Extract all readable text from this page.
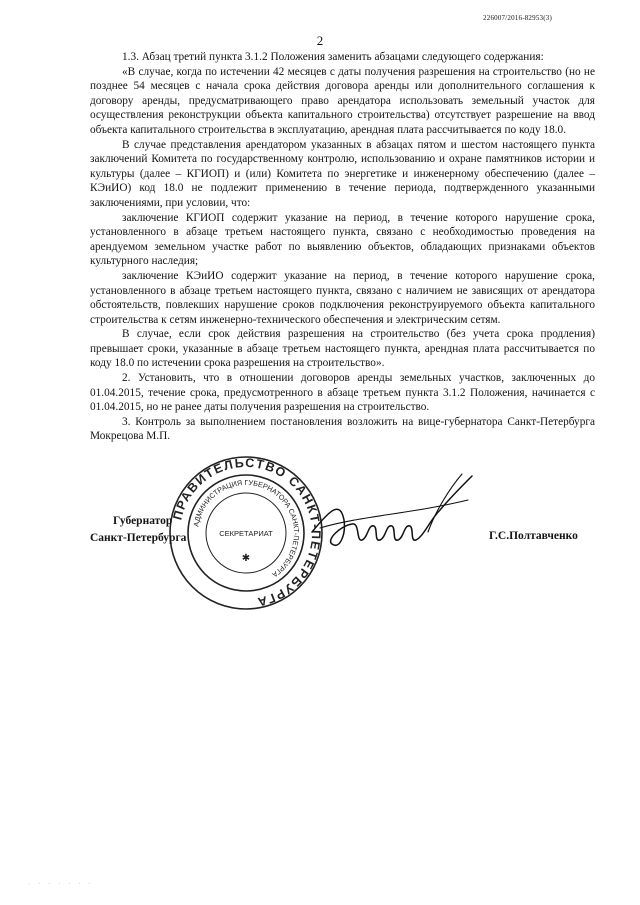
226007/2016-82953(3)
2

1.3. Абзац третий пункта 3.1.2 Положения заменить абзацами следующего содержания:

«В случае, когда по истечении 42 месяцев с даты получения разрешения на строительство (но не позднее 54 месяцев с начала срока действия договора аренды или дополнительного соглашения к договору аренды, предусматривающего право арендатора использовать земельный участок для осуществления реконструкции объекта капитального строительства) отсутствует разрешение на ввод объекта капитального строительства в эксплуатацию, арендная плата рассчитывается по коду 18.0.

В случае представления арендатором указанных в абзацах пятом и шестом настоящего пункта заключений Комитета по государственному контролю, использованию и охране памятников истории и культуры (далее – КГИОП) и (или) Комитета по энергетике и инженерному обеспечению (далее – КЭиИО) код 18.0 не подлежит применению в течение периода, подтвержденного указанными заключениями, при условии, что:

заключение КГИОП содержит указание на период, в течение которого нарушение срока, установленного в абзаце третьем настоящего пункта, связано с необходимостью проведения на арендуемом земельном участке работ по выявлению объектов, обладающих признаками объектов культурного наследия;

заключение КЭиИО содержит указание на период, в течение которого нарушение срока, установленного в абзаце третьем настоящего пункта, связано с наличием не зависящих от арендатора обстоятельств, повлекших нарушение сроков подключения реконструируемого объекта капитального строительства к сетям инженерно-технического обеспечения и электрическим сетям.

В случае, если срок действия разрешения на строительство (без учета срока продления) превышает сроки, указанные в абзаце третьем настоящего пункта, арендная плата рассчитывается по коду 18.0 по истечении срока разрешения на строительство».

2. Установить, что в отношении договоров аренды земельных участков, заключенных до 01.04.2015, течение срока, предусмотренного в абзаце третьем пункта 3.1.2 Положения, начинается с 01.04.2015, но не ранее даты получения разрешения на строительство.

3. Контроль за выполнением постановления возложить на вице-губернатора Санкт-Петербурга Мокрецова М.П.

ПРАВИТЕЛЬСТВО САНКТ-ПЕТЕРБУРГА
АДМИНИСТРАЦИЯ ГУБЕРНАТОРА САНКТ-ПЕТЕРБУРГА
СЕКРЕТАРИАТ
✱
Губернатор
Санкт-Петербурга	Г.С.Полтавченко
· · · · · · ·
